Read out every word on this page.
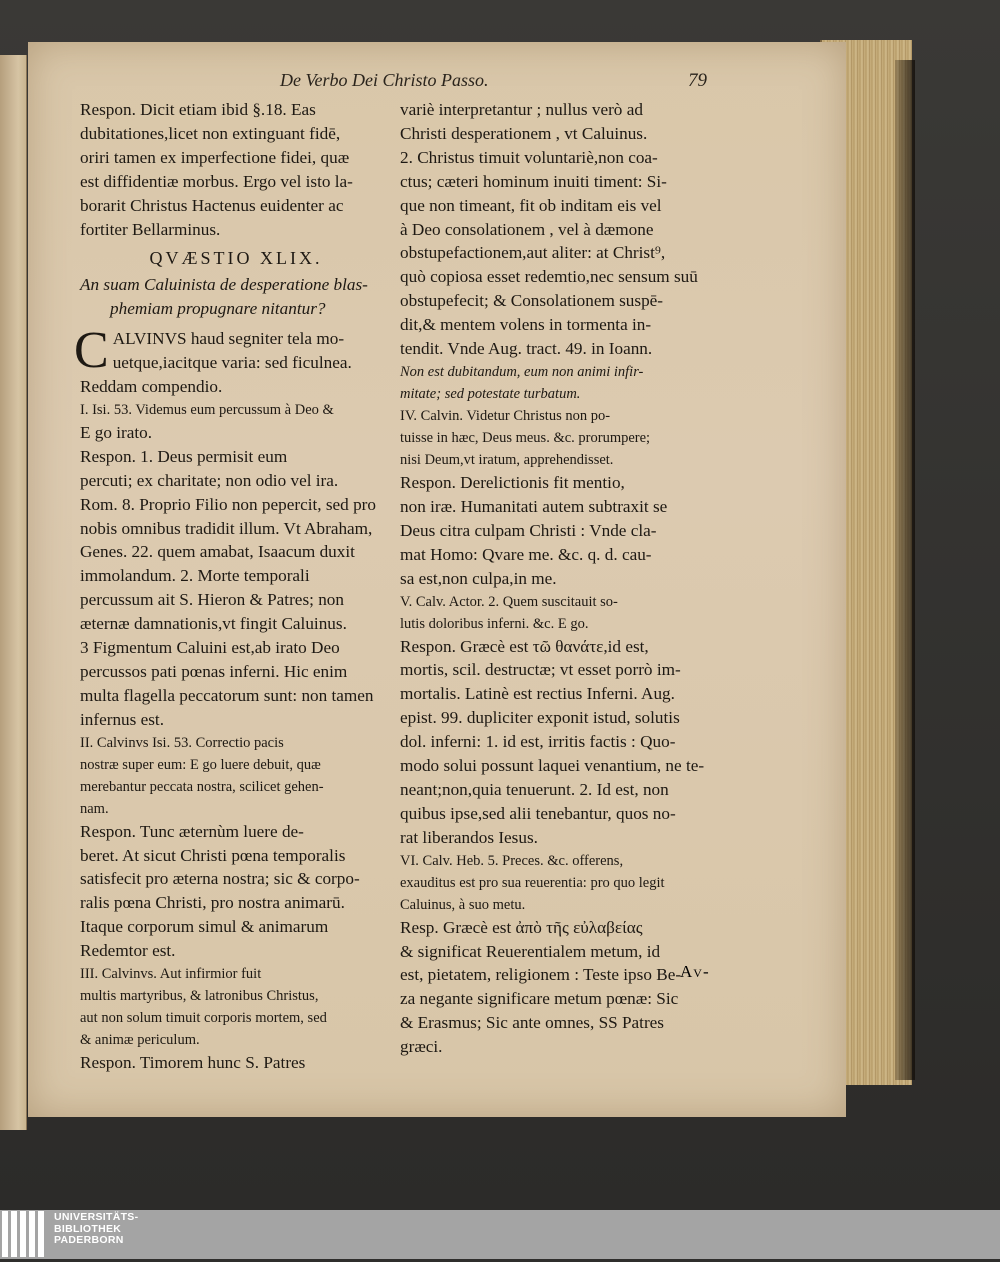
De Verbo Dei Christo Passo.	79
Respon. Dicit etiam ibid §.18. Eas
dubitationes,licet non extinguant fidē,
oriri tamen ex imperfectione fidei, quæ
est diffidentiæ morbus. Ergo vel isto la-
borarit Christus Hactenus euidenter ac
fortiter Bellarminus.
QVÆSTIO XLIX.
An suam Caluinista de desperatione blas-
phemiam propugnare nitantur?
C ALVINVS haud segniter tela mo-
uetque,iacitque varia: sed ficulnea.
Reddam compendio.
I. Isi. 53. Videmus eum percussum à Deo &
E go irato.
Respon. 1. Deus permisit eum
percuti; ex charitate; non odio vel ira.
Rom. 8. Proprio Filio non pepercit, sed pro
nobis omnibus tradidit illum. Vt Abraham,
Genes. 22. quem amabat, Isaacum duxit
immolandum. 2. Morte temporali
percussum ait S. Hieron & Patres; non
æternæ damnationis,vt fingit Caluinus.
3 Figmentum Caluini est,ab irato Deo
percussos pati pœnas inferni. Hic enim
multa flagella peccatorum sunt: non tamen
infernus est.
II. Calvinvs Isi. 53. Correctio pacis
nostræ super eum: E go luere debuit, quæ
merebantur peccata nostra, scilicet gehen-
nam.
Respon. Tunc æternùm luere de-
beret. At sicut Christi pœna temporalis
satisfecit pro æterna nostra; sic & corpo-
ralis pœna Christi, pro nostra animarū.
Itaque corporum simul & animarum
Redemtor est.
III. Calvinvs. Aut infirmior fuit
multis martyribus, & latronibus Christus,
aut non solum timuit corporis mortem, sed
& animæ periculum.
Respon. Timorem hunc S. Patres
variè interpretantur ; nullus verò ad
Christi desperationem , vt Caluinus.
2. Christus timuit voluntariè,non coa-
ctus; cæteri hominum inuiti timent: Si-
que non timeant, fit ob inditam eis vel
à Deo consolationem , vel à dæmone
obstupefactionem,aut aliter: at Christ⁹,
quò copiosa esset redemtio,nec sensum suū
obstupefecit; & Consolationem suspē-
dit,& mentem volens in tormenta in-
tendit. Vnde Aug. tract. 49. in Ioann.
Non est dubitandum, eum non animi infir-
mitate; sed potestate turbatum.
IV. Calvin. Videtur Christus non po-
tuisse in hæc, Deus meus. &c. prorumpere;
nisi Deum,vt iratum, apprehendisset.
Respon. Derelictionis fit mentio,
non iræ. Humanitati autem subtraxit se
Deus citra culpam Christi : Vnde cla-
mat Homo: Qvare me. &c. q. d. cau-
sa est,non culpa,in me.
V. Calv. Actor. 2. Quem suscitauit so-
lutis doloribus inferni. &c. E go.
Respon. Græcè est τῶ θανάτε,id est,
mortis, scil. destructæ; vt esset porrò im-
mortalis. Latinè est rectius Inferni. Aug.
epist. 99. dupliciter exponit istud, solutis
dol. inferni: 1. id est, irritis factis : Quo-
modo solui possunt laquei venantium, ne te-
neant;non,quia tenuerunt. 2. Id est, non
quibus ipse,sed alii tenebantur, quos no-
rat liberandos Iesus.
VI. Calv. Heb. 5. Preces. &c. offerens,
exauditus est pro sua reuerentia: pro quo legit
Caluinus, à suo metu.
Resp. Græcè est ἀπὸ τῆς εὐλαβείας
& significat Reuerentialem metum, id
est, pietatem, religionem : Teste ipso Be-
za negante significare metum pœnæ: Sic
& Erasmus; Sic ante omnes, SS Patres
græci.
Av-
UNIVERSITÄTS-
BIBLIOTHEK
PADERBORN
